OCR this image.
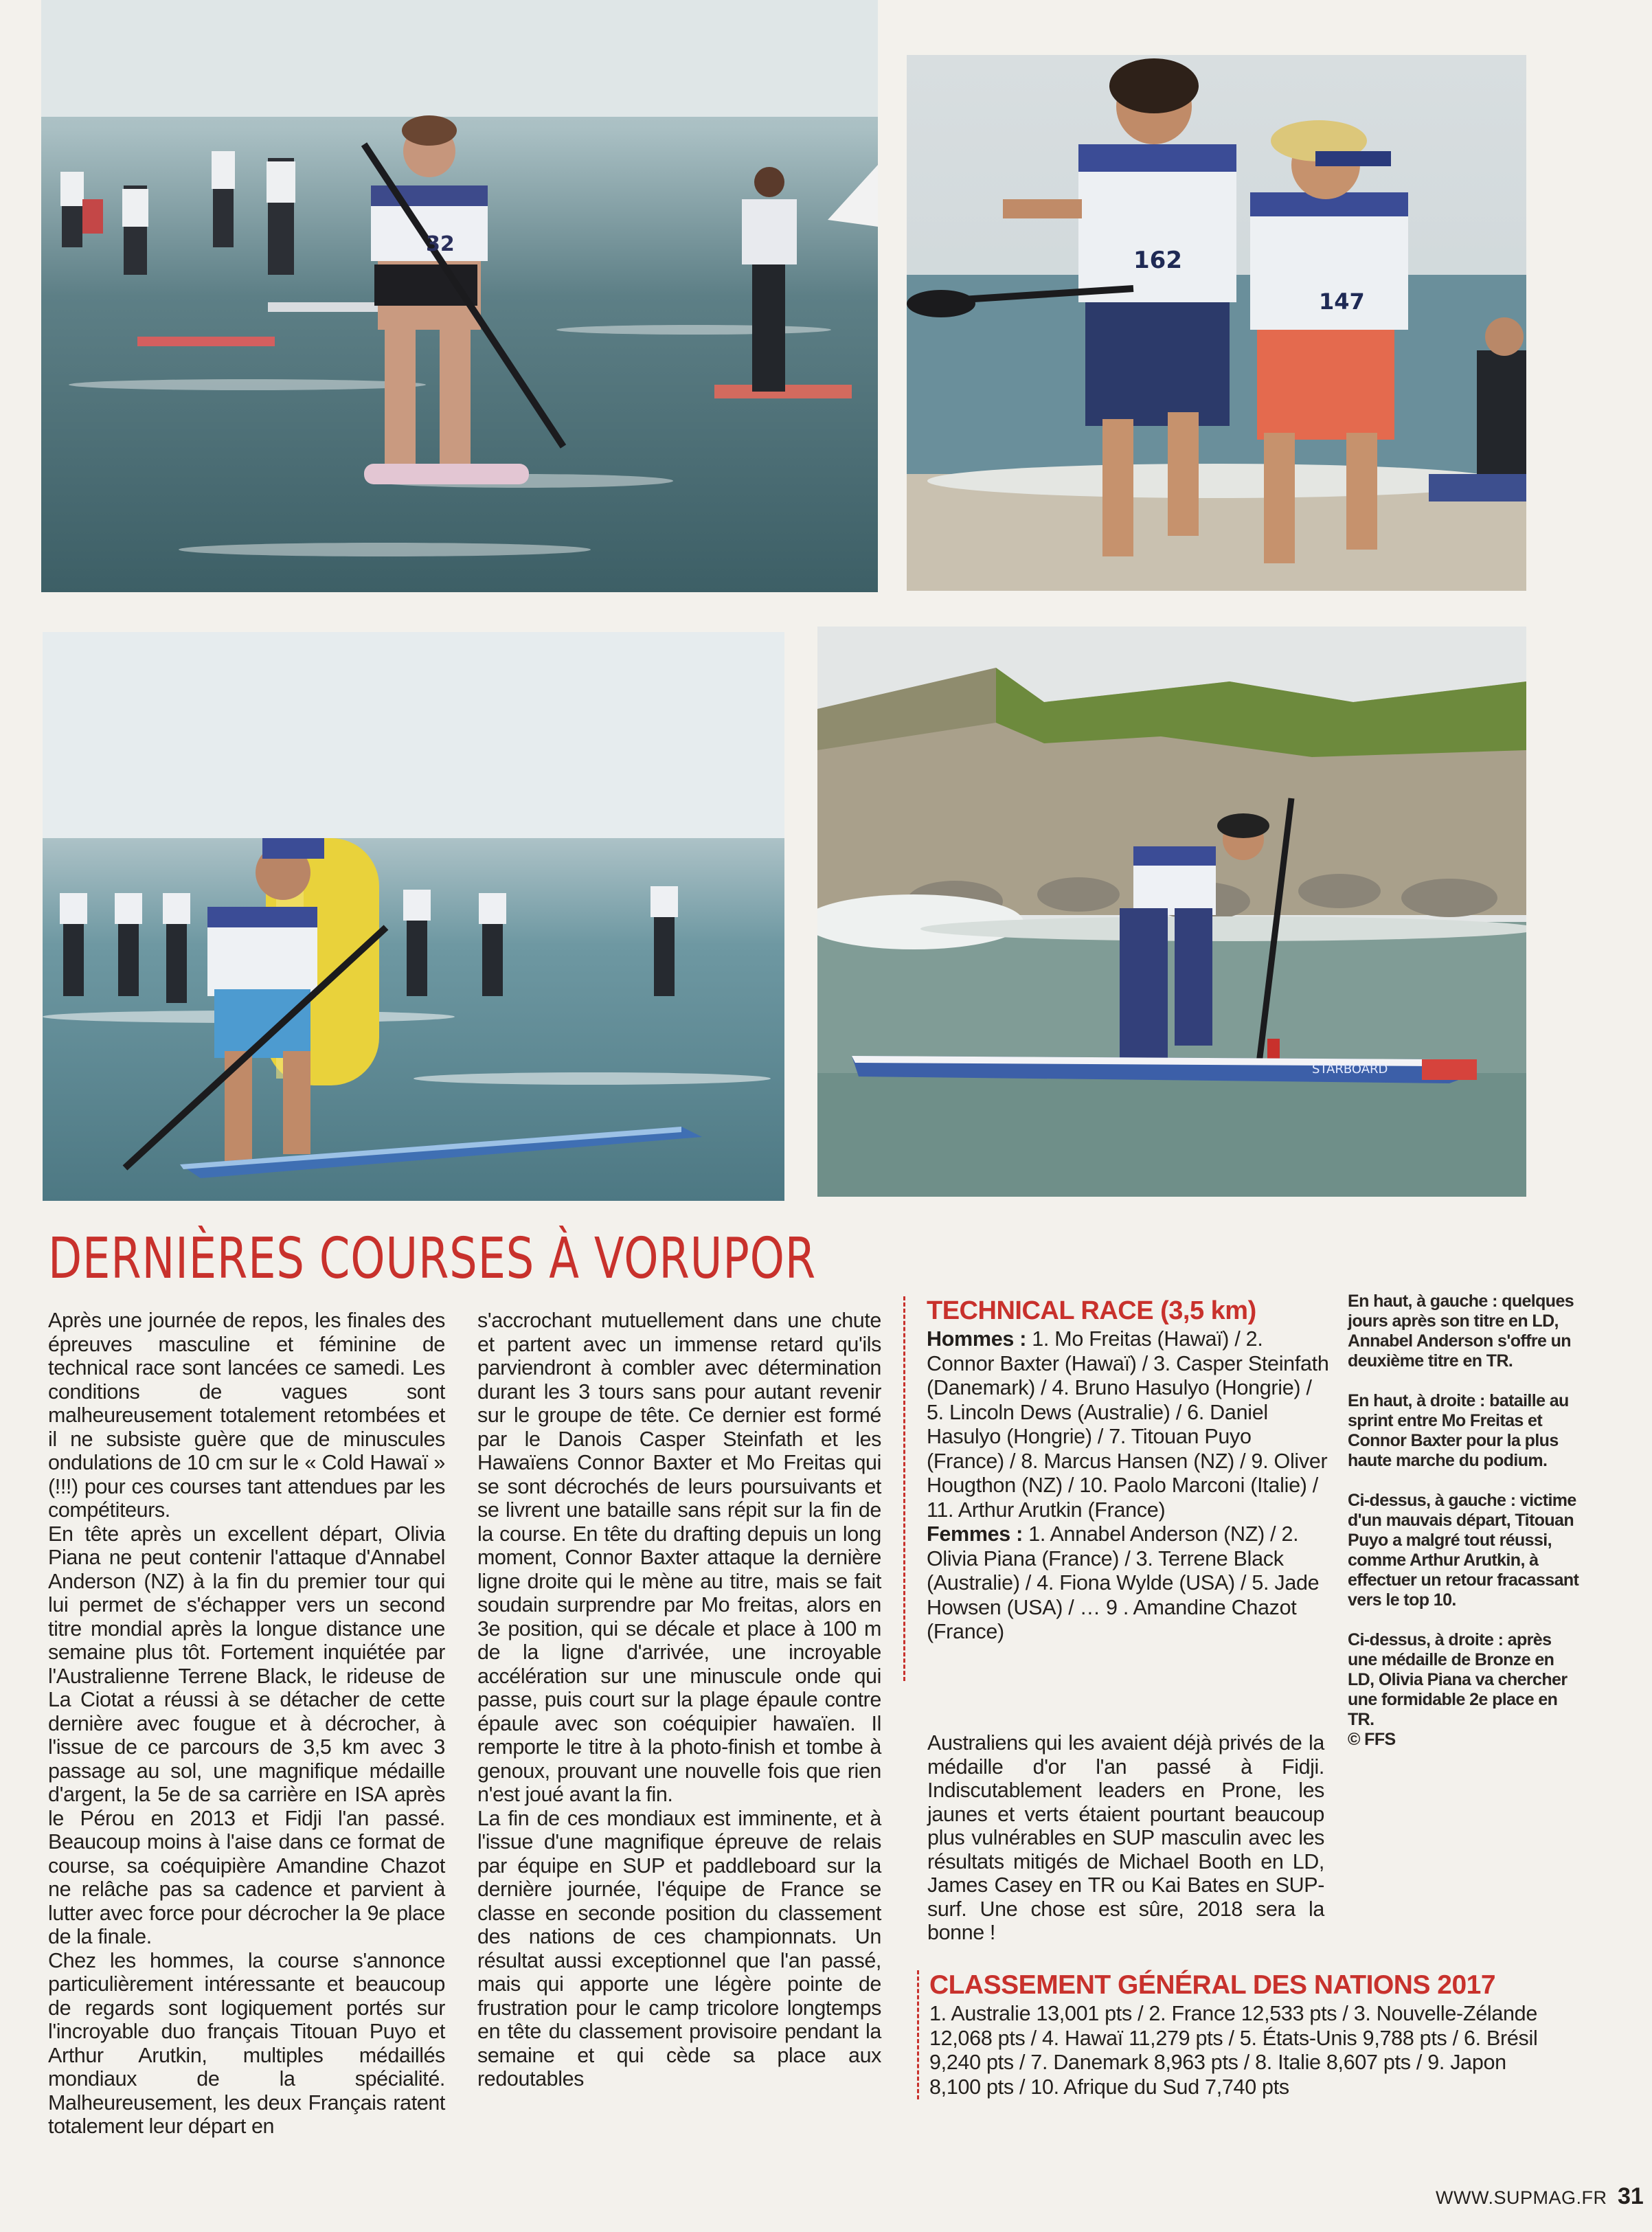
32
162
147
STARBOARD
DERNIÈRES COURSES À VORUPOR

Après une journée de repos, les finales des épreuves masculine et féminine de technical race sont lancées ce samedi. Les conditions de vagues sont malheureusement totalement retombées et il ne subsiste guère que de minuscules ondulations de 10 cm sur le « Cold Hawaï » (!!!) pour ces courses tant attendues par les compétiteurs.

En tête après un excellent départ, Olivia Piana ne peut contenir l'attaque d'Annabel Anderson (NZ) à la fin du premier tour qui lui permet de s'échapper vers un second titre mondial après la longue distance une semaine plus tôt. Fortement inquiétée par l'Australienne Terrene Black, le rideuse de La Ciotat a réussi à se détacher de cette dernière avec fougue et à décrocher, à l'issue de ce parcours de 3,5 km avec 3 passage au sol, une magnifique médaille d'argent, la 5e de sa carrière en ISA après le Pérou en 2013 et Fidji l'an passé. Beaucoup moins à l'aise dans ce format de course, sa coéquipière Amandine Chazot ne relâche pas sa cadence et parvient à lutter avec force pour décrocher la 9e place de la finale.

Chez les hommes, la course s'annonce particulièrement intéressante et beaucoup de regards sont logiquement portés sur l'incroyable duo français Titouan Puyo et Arthur Arutkin, multiples médaillés mondiaux de la spécialité. Malheureusement, les deux Français ratent totalement leur départ en

s'accrochant mutuellement dans une chute et partent avec un immense retard qu'ils parviendront à combler avec détermination durant les 3 tours sans pour autant revenir sur le groupe de tête. Ce dernier est formé par le Danois Casper Steinfath et les Hawaïens Connor Baxter et Mo Freitas qui se sont décrochés de leurs poursuivants et se livrent une bataille sans répit sur la fin de la course. En tête du drafting depuis un long moment, Connor Baxter attaque la dernière ligne droite qui le mène au titre, mais se fait soudain surprendre par Mo freitas, alors en 3e position, qui se décale et place à 100 m de la ligne d'arrivée, une incroyable accélération sur une minuscule onde qui passe, puis court sur la plage épaule contre épaule avec son coéquipier hawaïen. Il remporte le titre à la photo-finish et tombe à genoux, prouvant une nouvelle fois que rien n'est joué avant la fin.

La fin de ces mondiaux est imminente, et à l'issue d'une magnifique épreuve de relais par équipe en SUP et paddleboard sur la dernière journée, l'équipe de France se classe en seconde position du classement des nations de ces championnats. Un résultat aussi exceptionnel que l'an passé, mais qui apporte une légère pointe de frustration pour le camp tricolore longtemps en tête du classement provisoire pendant la semaine et qui cède sa place aux redoutables

TECHNICAL RACE (3,5 km)
Hommes : 1. Mo Freitas (Hawaï) / 2. Connor Baxter (Hawaï) / 3. Casper Steinfath (Danemark) / 4. Bruno Hasulyo (Hongrie) / 5. Lincoln Dews (Australie) / 6. Daniel Hasulyo (Hongrie) / 7. Titouan Puyo (France) / 8. Marcus Hansen (NZ) / 9. Oliver Hougthon (NZ) / 10. Paolo Marconi (Italie) / 11. Arthur Arutkin (France)
Femmes : 1. Annabel Anderson (NZ) / 2. Olivia Piana (France) / 3. Terrene Black (Australie) / 4. Fiona Wylde (USA) / 5. Jade Howsen (USA) / … 9 . Amandine Chazot (France)

Australiens qui les avaient déjà privés de la médaille d'or l'an passé à Fidji. Indiscutablement leaders en Prone, les jaunes et verts étaient pourtant beaucoup plus vulnérables en SUP masculin avec les résultats mitigés de Michael Booth en LD, James Casey en TR ou Kai Bates en SUP-surf. Une chose est sûre, 2018 sera la bonne !

CLASSEMENT GÉNÉRAL DES NATIONS 2017
1. Australie 13,001 pts / 2. France 12,533 pts / 3. Nouvelle-Zélande 12,068 pts / 4. Hawaï 11,279 pts / 5. États-Unis 9,788 pts / 6. Brésil 9,240 pts / 7. Danemark 8,963 pts / 8. Italie 8,607 pts / 9. Japon 8,100 pts / 10. Afrique du Sud 7,740 pts

En haut, à gauche : quelques jours après son titre en LD, Annabel Anderson s'offre un deuxième titre en TR.

En haut, à droite : bataille au sprint entre Mo Freitas et Connor Baxter pour la plus haute marche du podium.

Ci-dessus, à gauche : victime d'un mauvais départ, Titouan Puyo a malgré tout réussi, comme Arthur Arutkin, à effectuer un retour fracassant vers le top 10.

Ci-dessus, à droite : après une médaille de Bronze en LD, Olivia Piana va chercher une formidable 2e place en TR.

© FFS

WWW.SUPMAG.FR 31
